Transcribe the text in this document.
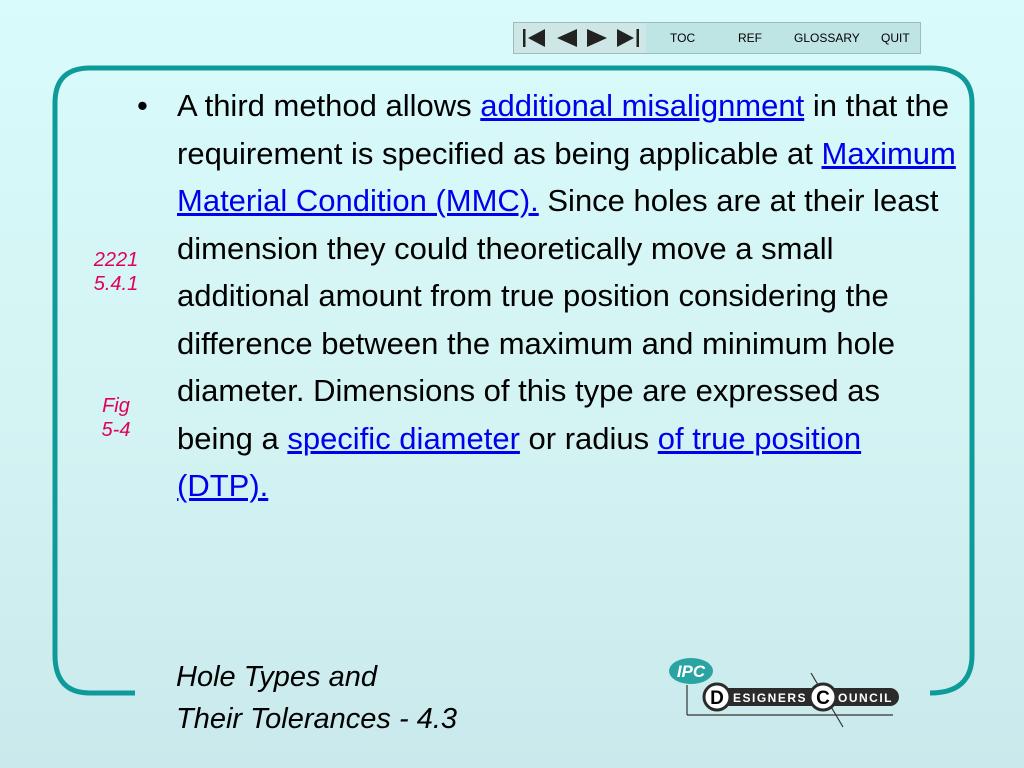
TOC	REF	GLOSSARY QUIT
2221
5.4.1
Fig
5-4
• A third method allows additional misalignment in that the requirement is specified as being applicable at Maximum Material Condition (MMC). Since holes are at their least dimension they could theoretically move a small additional amount from true position considering the difference between the maximum and minimum hole diameter. Dimensions of this type are expressed as being a specific diameter or radius of true position (DTP).
Hole Types and
Their Tolerances - 4.3
IPC
D ESIGNERS C OUNCIL
